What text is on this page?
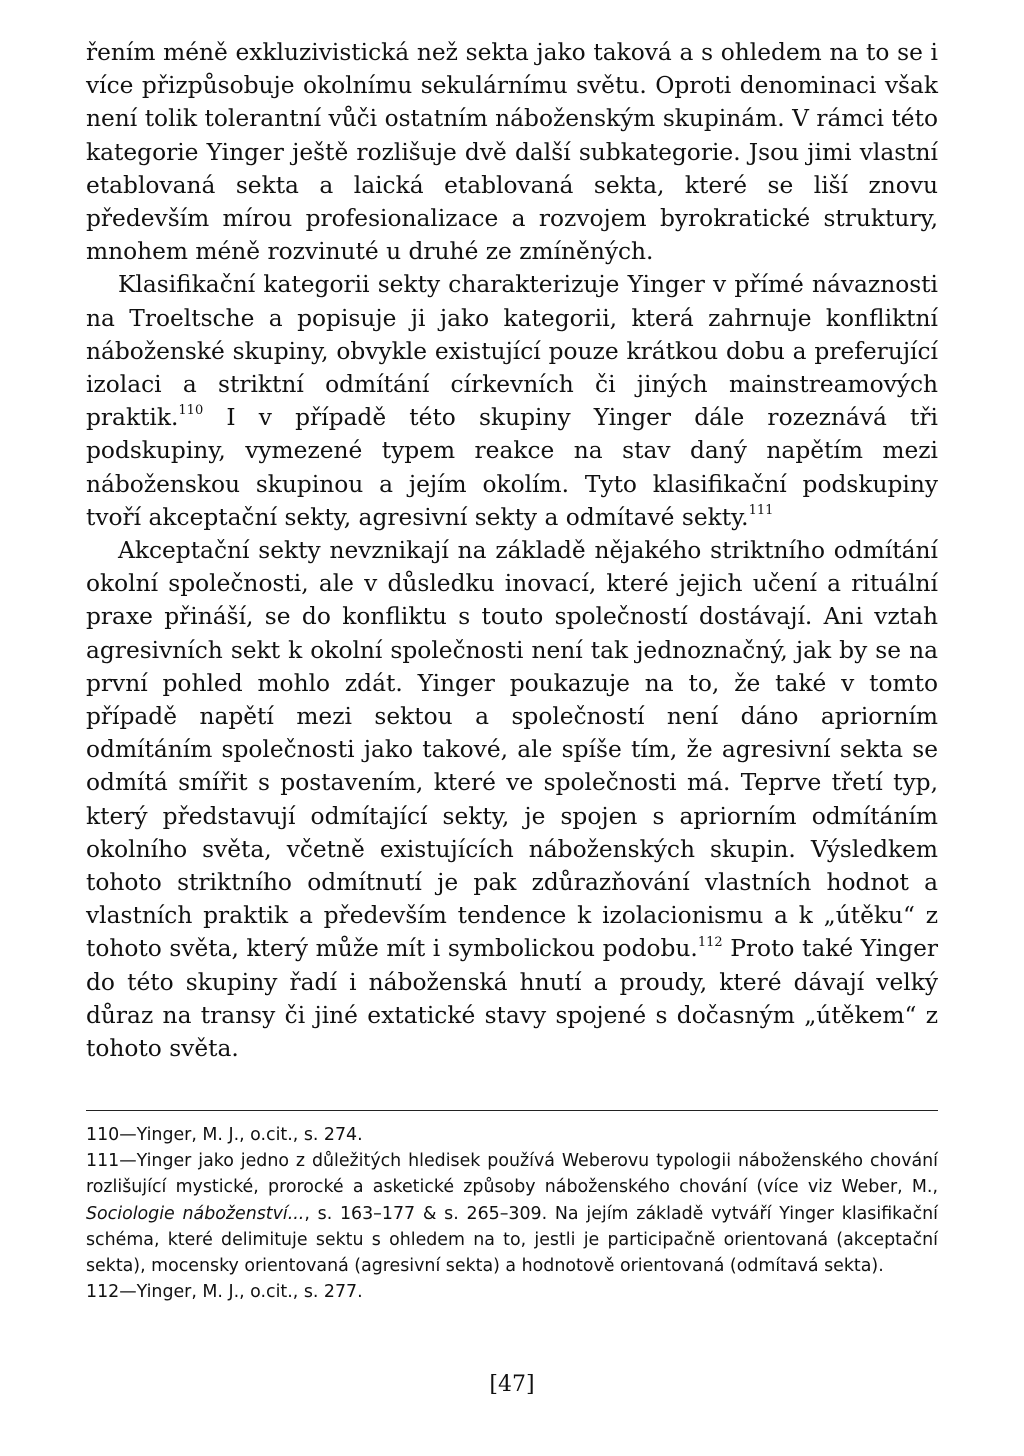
řením méně exkluzivistická než sekta jako taková a s ohledem na to se i více přizpůsobuje okolnímu sekulárnímu světu. Oproti denominaci však není tolik tolerantní vůči ostatním náboženským skupinám. V rámci této kategorie Yinger ještě rozlišuje dvě další subkategorie. Jsou jimi vlastní etablovaná sekta a laická etablovaná sekta, které se liší znovu především mírou profesionalizace a rozvojem byrokratické struktury, mnohem méně rozvinuté u druhé ze zmíněných.

Klasifikační kategorii sekty charakterizuje Yinger v přímé návaznosti na Troeltsche a popisuje ji jako kategorii, která zahrnuje konfliktní náboženské skupiny, obvykle existující pouze krátkou dobu a preferující izolaci a striktní odmítání církevních či jiných mainstreamových praktik.$^{110}$ I v případě této skupiny Yinger dále rozeznává tři podskupiny, vymezené typem reakce na stav daný napětím mezi náboženskou skupinou a jejím okolím. Tyto klasifikační podskupiny tvoří akceptační sekty, agresivní sekty a odmítavé sekty.$^{111}$

Akceptační sekty nevznikají na základě nějakého striktního odmítání okolní společnosti, ale v důsledku inovací, které jejich učení a rituální praxe přináší, se do konfliktu s touto společností dostávají. Ani vztah agresivních sekt k okolní společnosti není tak jednoznačný, jak by se na první pohled mohlo zdát. Yinger poukazuje na to, že také v tomto případě napětí mezi sektou a společností není dáno apriorním odmítáním společnosti jako takové, ale spíše tím, že agresivní sekta se odmítá smířit s postavením, které ve společnosti má. Teprve třetí typ, který představují odmítající sekty, je spojen s apriorním odmítáním okolního světa, včetně existujících náboženských skupin. Výsledkem tohoto striktního odmítnutí je pak zdůrazňování vlastních hodnot a vlastních praktik a především tendence k izolacionismu a k „útěku“ z tohoto světa, který může mít i symbolickou podobu.$^{112}$ Proto také Yinger do této skupiny řadí i náboženská hnutí a proudy, které dávají velký důraz na transy či jiné extatické stavy spojené s dočasným „útěkem“ z tohoto světa.

110—Yinger, M. J., o.cit., s. 274.

111—Yinger jako jedno z důležitých hledisek používá Weberovu typologii náboženského chování rozlišující mystické, prorocké a asketické způsoby náboženského chování (více viz Weber, M., Sociologie náboženství..., s. 163–177 & s. 265–309. Na jejím základě vytváří Yinger klasifikační schéma, které delimituje sektu s ohledem na to, jestli je participačně orientovaná (akceptační sekta), mocensky orientovaná (agresivní sekta) a hodnotově orientovaná (odmítavá sekta).

112—Yinger, M. J., o.cit., s. 277.

[47]
